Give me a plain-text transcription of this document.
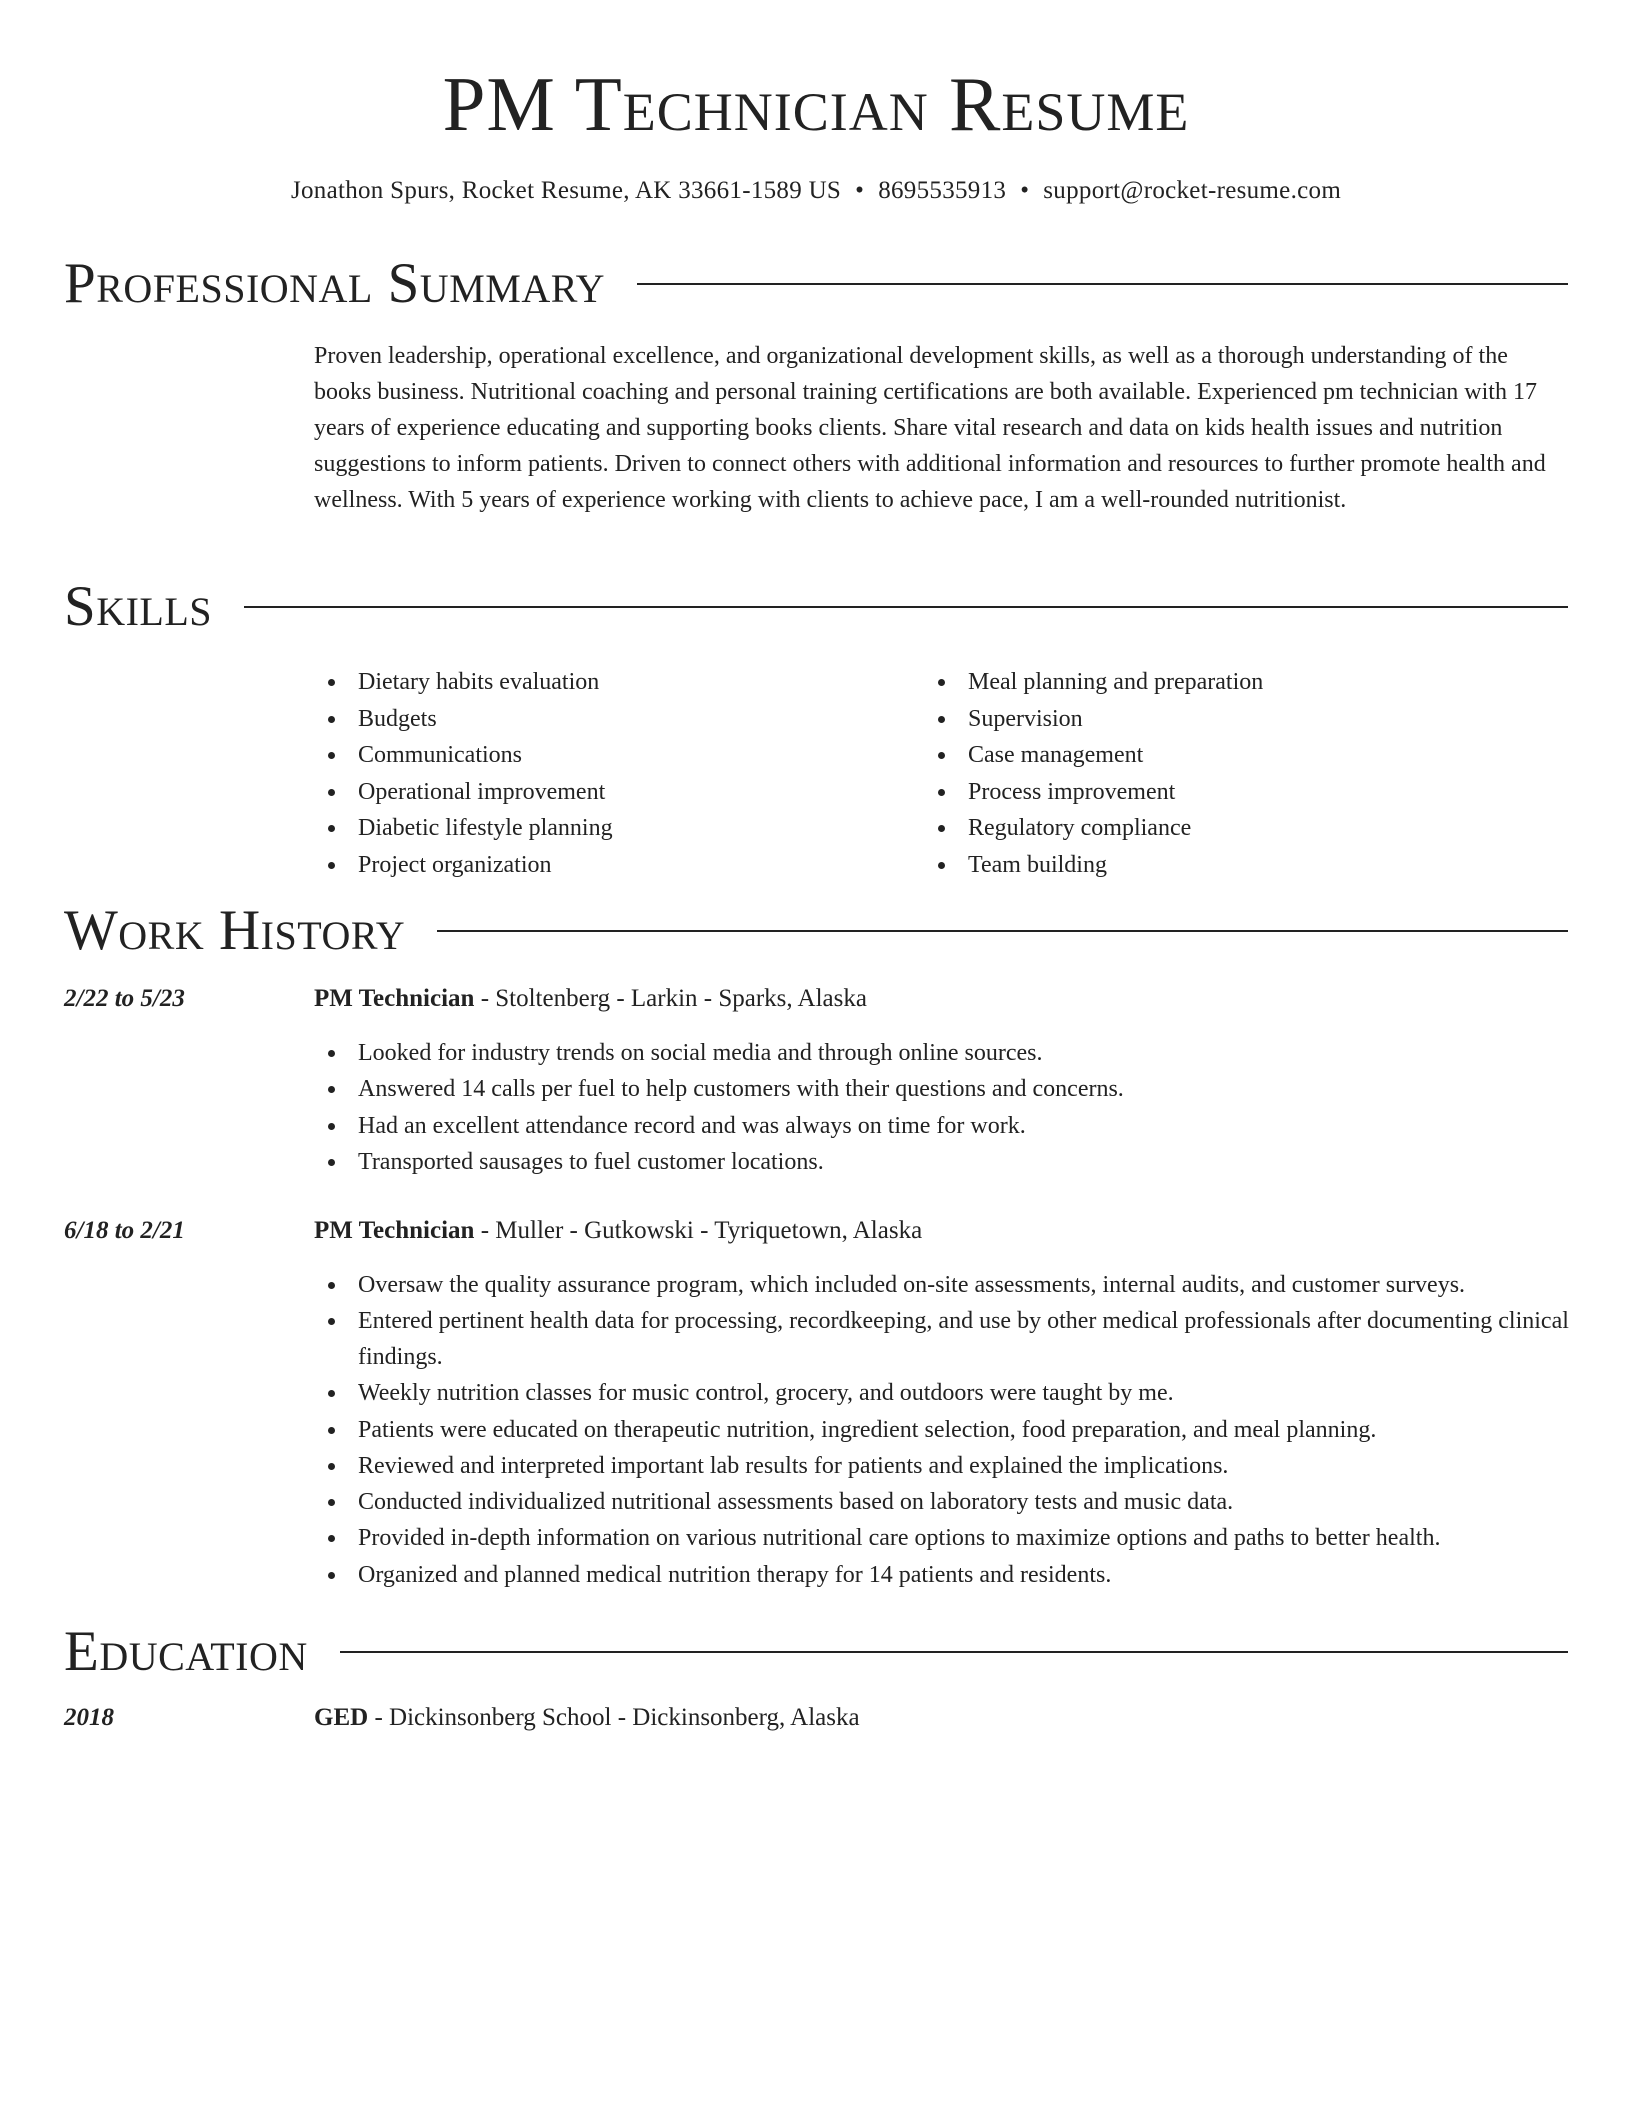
PM Technician Resume
Jonathon Spurs, Rocket Resume, AK 33661-1589 US • 8695535913 • support@rocket-resume.com
Professional Summary

Proven leadership, operational excellence, and organizational development skills, as well as a thorough understanding of the books business. Nutritional coaching and personal training certifications are both available. Experienced pm technician with 17 years of experience educating and supporting books clients. Share vital research and data on kids health issues and nutrition suggestions to inform patients. Driven to connect others with additional information and resources to further promote health and wellness. With 5 years of experience working with clients to achieve pace, I am a well-rounded nutritionist.

Skills
Dietary habits evaluation
Budgets
Communications
Operational improvement
Diabetic lifestyle planning
Project organization
Meal planning and preparation
Supervision
Case management
Process improvement
Regulatory compliance
Team building
Work History
2/22 to 5/23	PM Technician - Stoltenberg - Larkin - Sparks, Alaska
Looked for industry trends on social media and through online sources.
Answered 14 calls per fuel to help customers with their questions and concerns.
Had an excellent attendance record and was always on time for work.
Transported sausages to fuel customer locations.
6/18 to 2/21	PM Technician - Muller - Gutkowski - Tyriquetown, Alaska
Oversaw the quality assurance program, which included on-site assessments, internal audits, and customer surveys.
Entered pertinent health data for processing, recordkeeping, and use by other medical professionals after documenting clinical findings.
Weekly nutrition classes for music control, grocery, and outdoors were taught by me.
Patients were educated on therapeutic nutrition, ingredient selection, food preparation, and meal planning.
Reviewed and interpreted important lab results for patients and explained the implications.
Conducted individualized nutritional assessments based on laboratory tests and music data.
Provided in-depth information on various nutritional care options to maximize options and paths to better health.
Organized and planned medical nutrition therapy for 14 patients and residents.
Education
2018	GED - Dickinsonberg School - Dickinsonberg, Alaska
